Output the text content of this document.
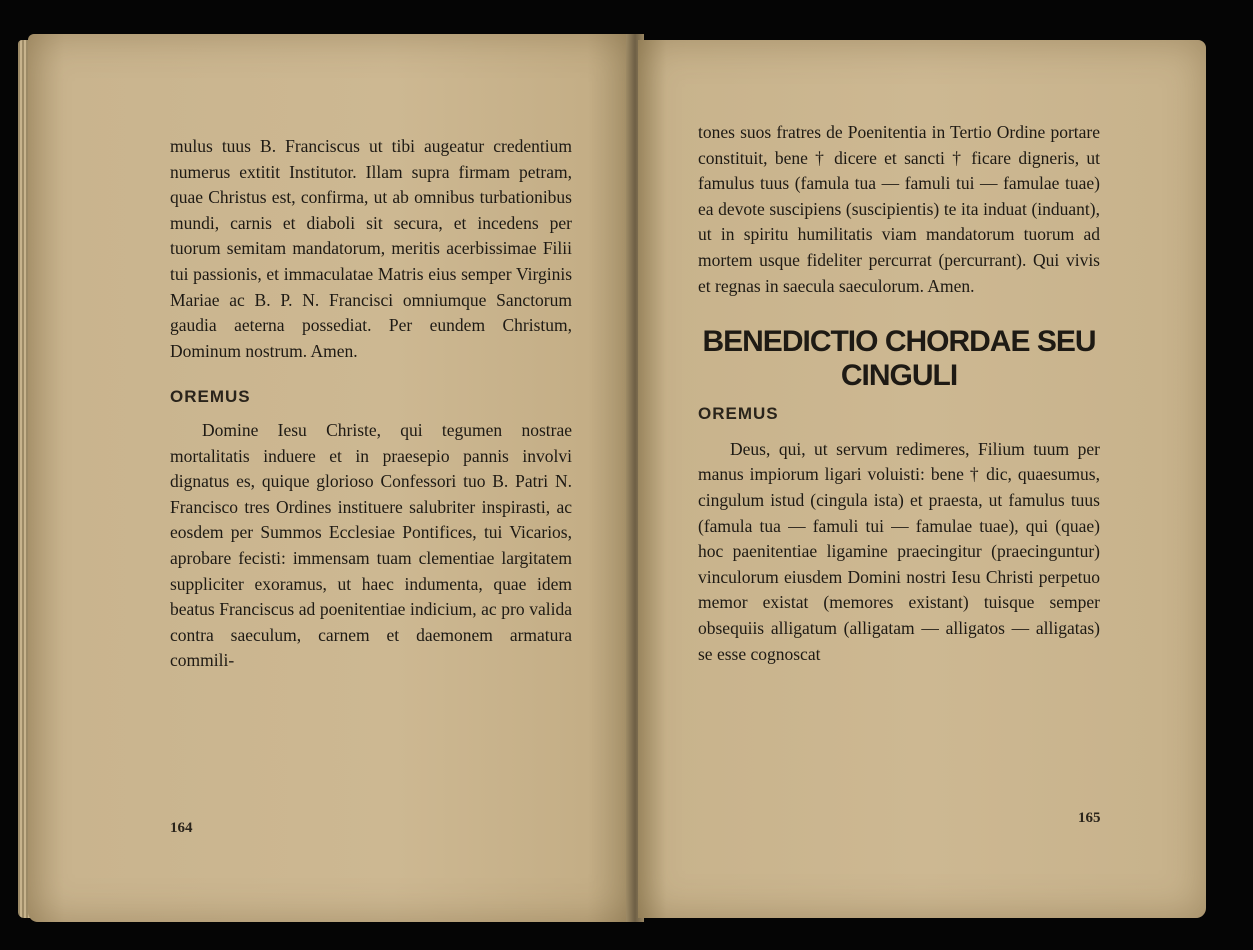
mulus tuus B. Franciscus ut tibi augeatur credentium numerus extitit Institutor. Illam supra firmam petram, quae Christus est, confirma, ut ab omnibus turbationibus mundi, carnis et diaboli sit secura, et incedens per tuorum semitam mandatorum, meritis acerbissimae Filii tui passionis, et immaculatae Matris eius semper Virginis Mariae ac B. P. N. Francisci omniumque Sanctorum gaudia aeterna possediat. Per eundem Christum, Dominum nostrum. Amen.

OREMUS

Domine Iesu Christe, qui tegumen nostrae mortalitatis induere et in praesepio pannis involvi dignatus es, quique glorioso Confessori tuo B. Patri N. Francisco tres Ordines instituere salubriter inspirasti, ac eosdem per Summos Ecclesiae Pontifices, tui Vicarios, aprobare fecisti: immensam tuam clementiae largitatem suppliciter exoramus, ut haec indumenta, quae idem beatus Franciscus ad poenitentiae indicium, ac pro valida contra saeculum, carnem et daemonem armatura commili-

164

tones suos fratres de Poenitentia in Tertio Ordine portare constituit, bene † dicere et sancti † ficare digneris, ut famulus tuus (famula tua — famuli tui — famulae tuae) ea devote suscipiens (suscipientis) te ita induat (induant), ut in spiritu humilitatis viam mandatorum tuorum ad mortem usque fideliter percurrat (percurrant). Qui vivis et regnas in saecula saeculorum. Amen.

BENEDICTIO CHORDAE SEU CINGULI

OREMUS

Deus, qui, ut servum redimeres, Filium tuum per manus impiorum ligari voluisti: bene † dic, quaesumus, cingulum istud (cingula ista) et praesta, ut famulus tuus (famula tua — famuli tui — famulae tuae), qui (quae) hoc paenitentiae ligamine praecingitur (praecinguntur) vinculorum eiusdem Domini nostri Iesu Christi perpetuo memor existat (memores existant) tuisque semper obsequiis alligatum (alligatam — alligatos — alligatas) se esse cognoscat

165
